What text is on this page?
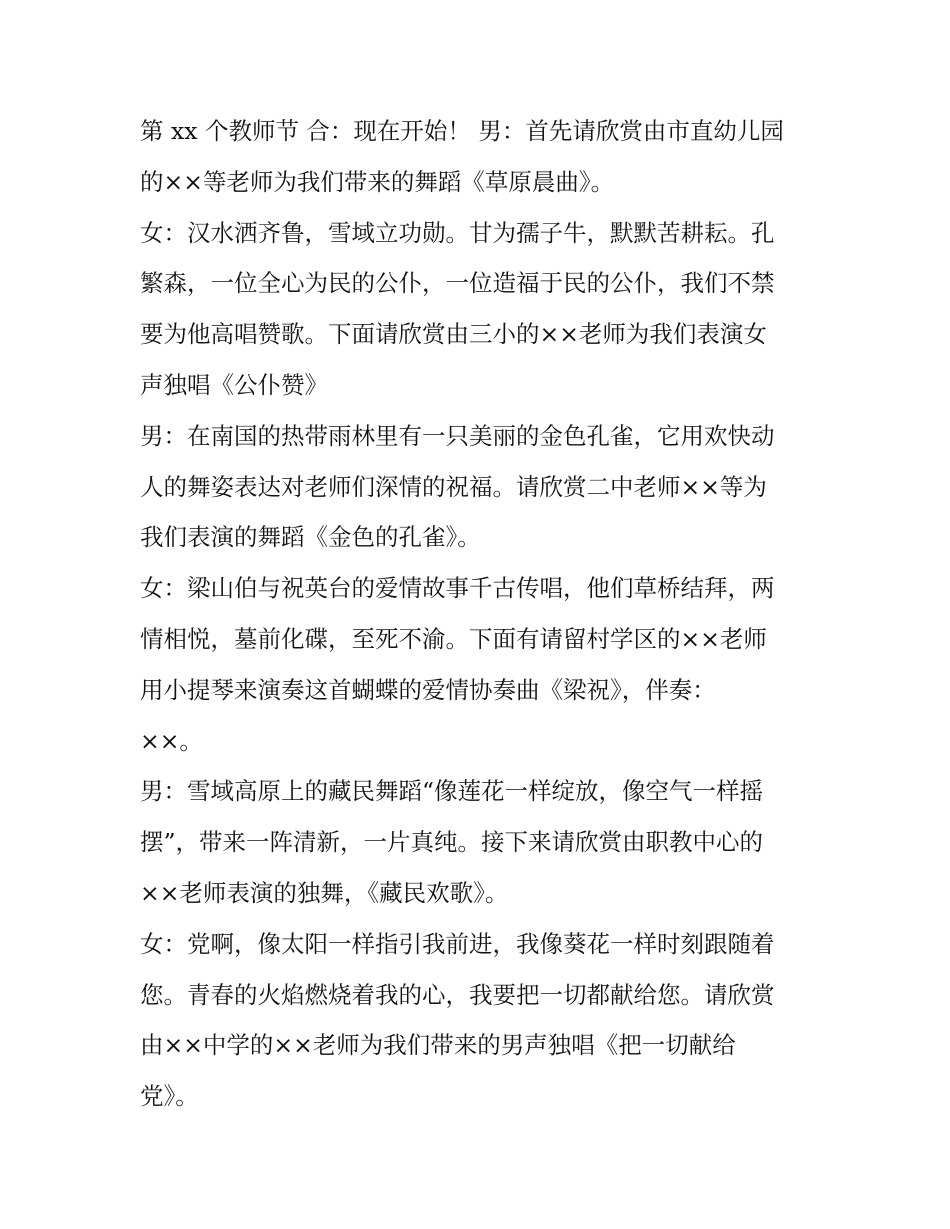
第 xx 个教师节 合：现在开始！ 男：首先请欣赏由市直幼儿园
的××等老师为我们带来的舞蹈《草原晨曲》。
女：汉水洒齐鲁，雪域立功勋。甘为孺子牛，默默苦耕耘。孔
繁森，一位全心为民的公仆，一位造福于民的公仆，我们不禁
要为他高唱赞歌。下面请欣赏由三小的××老师为我们表演女
声独唱《公仆赞》
男：在南国的热带雨林里有一只美丽的金色孔雀，它用欢快动
人的舞姿表达对老师们深情的祝福。请欣赏二中老师××等为
我们表演的舞蹈《金色的孔雀》。
女：梁山伯与祝英台的爱情故事千古传唱，他们草桥结拜，两
情相悦，墓前化碟，至死不渝。下面有请留村学区的××老师
用小提琴来演奏这首蝴蝶的爱情协奏曲《梁祝》，伴奏：
××。
男：雪域高原上的藏民舞蹈“像莲花一样绽放，像空气一样摇
摆”，带来一阵清新，一片真纯。接下来请欣赏由职教中心的
××老师表演的独舞，《藏民欢歌》。
女：党啊，像太阳一样指引我前进，我像葵花一样时刻跟随着
您。青春的火焰燃烧着我的心，我要把一切都献给您。请欣赏
由××中学的××老师为我们带来的男声独唱《把一切献给
党》。
